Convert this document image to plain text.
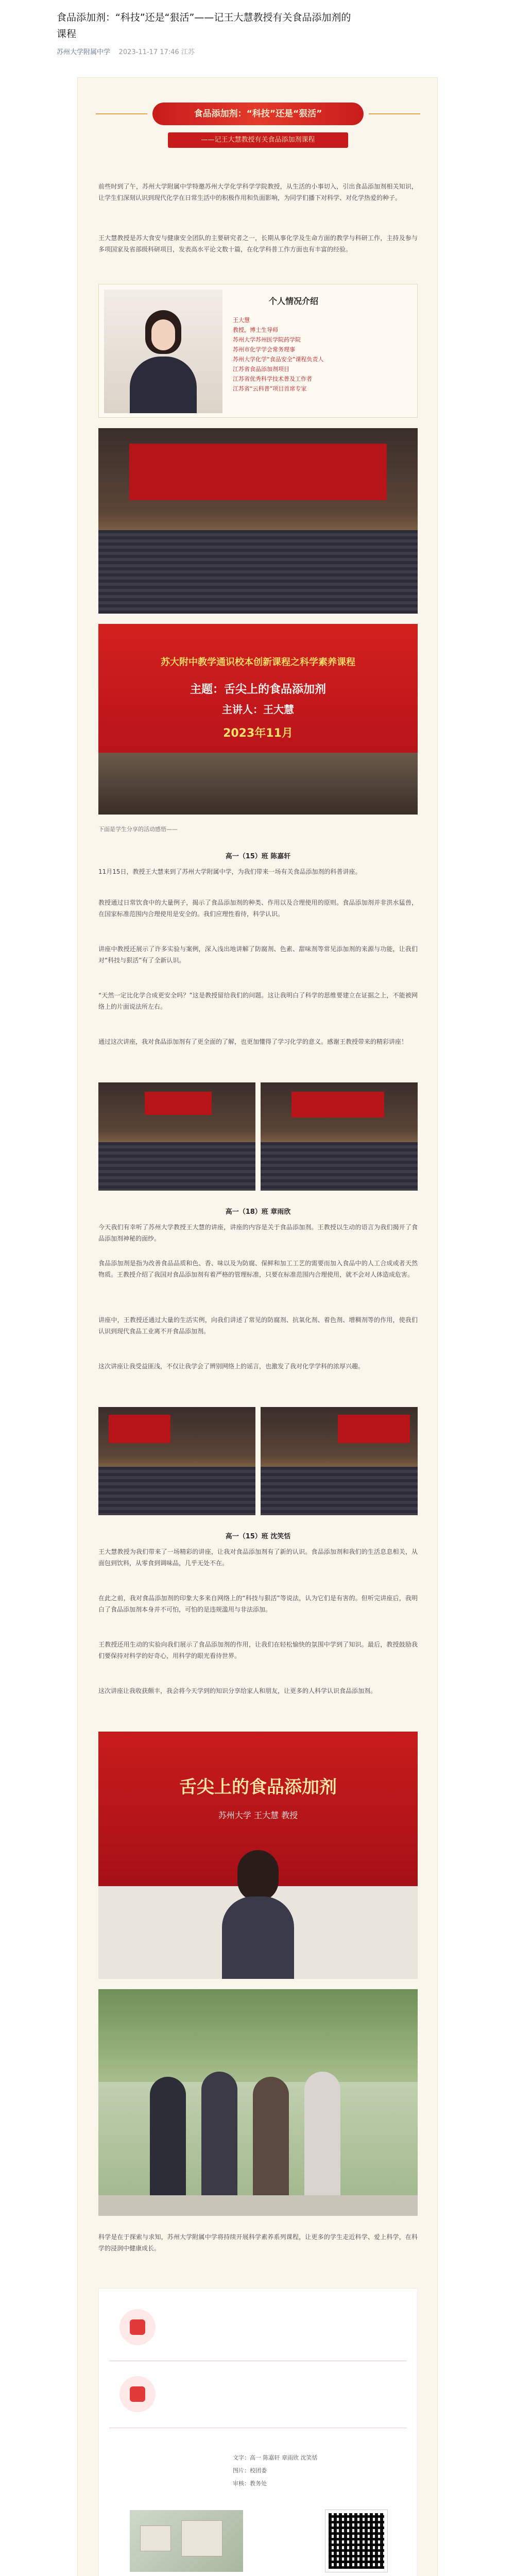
食品添加剂：“科技”还是“狠活”——记王大慧教授有关食品添加剂的
课程
苏州大学附属中学 2023-11-17 17:46 江苏
食品添加剂：“科技”还是“狠活”
——记王大慧教授有关食品添加剂课程
前些时到了午，苏州大学附属中学特邀苏州大学化学科学学院教授，从生活的小事切入，引出食品添加剂相关知识，让学生们深刻认识到现代化学在日常生活中的积极作用和负面影响，为同学们播下对科学、对化学热爱的种子。
王大慧教授是苏大食安与健康安全团队的主要研究者之一，长期从事化学及生命方面的教学与科研工作，主持及参与多项国家及省部级科研项目，发表高水平论文数十篇，在化学科普工作方面也有丰富的经验。
个人情况介绍
王大慧
教授，博士生导师
苏州大学苏州医学院药学院
苏州市化学学会常务理事
苏州大学化学“食品安全”课程负责人
江苏省食品添加剂项目
江苏省优秀科学技术普及工作者
江苏省“云科普”项目首席专家
苏大附中教学通识校本创新课程之科学素养课程
主题：舌尖上的食品添加剂
主讲人：王大慧
2023年11月
下面是学生分享的活动感悟——
高一（15）班 陈嘉轩
11月15日，教授王大慧来到了苏州大学附属中学，为我们带来一场有关食品添加剂的科普讲座。
教授通过日常饮食中的大量例子，揭示了食品添加剂的种类、作用以及合理使用的原则。食品添加剂并非洪水猛兽，在国家标准范围内合理使用是安全的。我们应理性看待，科学认识。
讲座中教授还展示了许多实验与案例，深入浅出地讲解了防腐剂、色素、甜味剂等常见添加剂的来源与功能，让我们对“科技与狠活”有了全新认识。
“天然一定比化学合成更安全吗？”这是教授留给我们的问题。这让我明白了科学的思维要建立在证据之上，不能被网络上的片面说法所左右。
通过这次讲座，我对食品添加剂有了更全面的了解，也更加懂得了学习化学的意义。感谢王教授带来的精彩讲座！
高一（18）班 章雨欣
今天我们有幸听了苏州大学教授王大慧的讲座，讲座的内容是关于食品添加剂。王教授以生动的语言为我们揭开了食品添加剂神秘的面纱。
食品添加剂是指为改善食品品质和色、香、味以及为防腐、保鲜和加工工艺的需要而加入食品中的人工合成或者天然物质。王教授介绍了我国对食品添加剂有着严格的管理标准，只要在标准范围内合理使用，就不会对人体造成危害。
讲座中，王教授还通过大量的生活实例，向我们讲述了常见的防腐剂、抗氧化剂、着色剂、增稠剂等的作用，使我们认识到现代食品工业离不开食品添加剂。
这次讲座让我受益匪浅，不仅让我学会了辨别网络上的谣言，也激发了我对化学学科的浓厚兴趣。
高一（15）班 沈笑恬
王大慧教授为我们带来了一场精彩的讲座，让我对食品添加剂有了新的认识。食品添加剂和我们的生活息息相关，从面包到饮料，从零食到调味品，几乎无处不在。
在此之前，我对食品添加剂的印象大多来自网络上的“科技与狠活”等说法，认为它们是有害的。但听完讲座后，我明白了食品添加剂本身并不可怕，可怕的是违规滥用与非法添加。
王教授还用生动的实验向我们展示了食品添加剂的作用，让我们在轻松愉快的氛围中学到了知识。最后，教授鼓励我们要保持对科学的好奇心，用科学的眼光看待世界。
这次讲座让我收获颇丰，我会将今天学到的知识分享给家人和朋友，让更多的人科学认识食品添加剂。
舌尖上的食品添加剂
苏州大学 王大慧 教授
科学是在于探索与求知，苏州大学附属中学将持续开展科学素养系列课程，让更多的学生走近科学、爱上科学，在科学的浸润中健康成长。
文字：高一 陈嘉轩 章雨欣 沈笑恬
图片：校团委
审核：教务处
